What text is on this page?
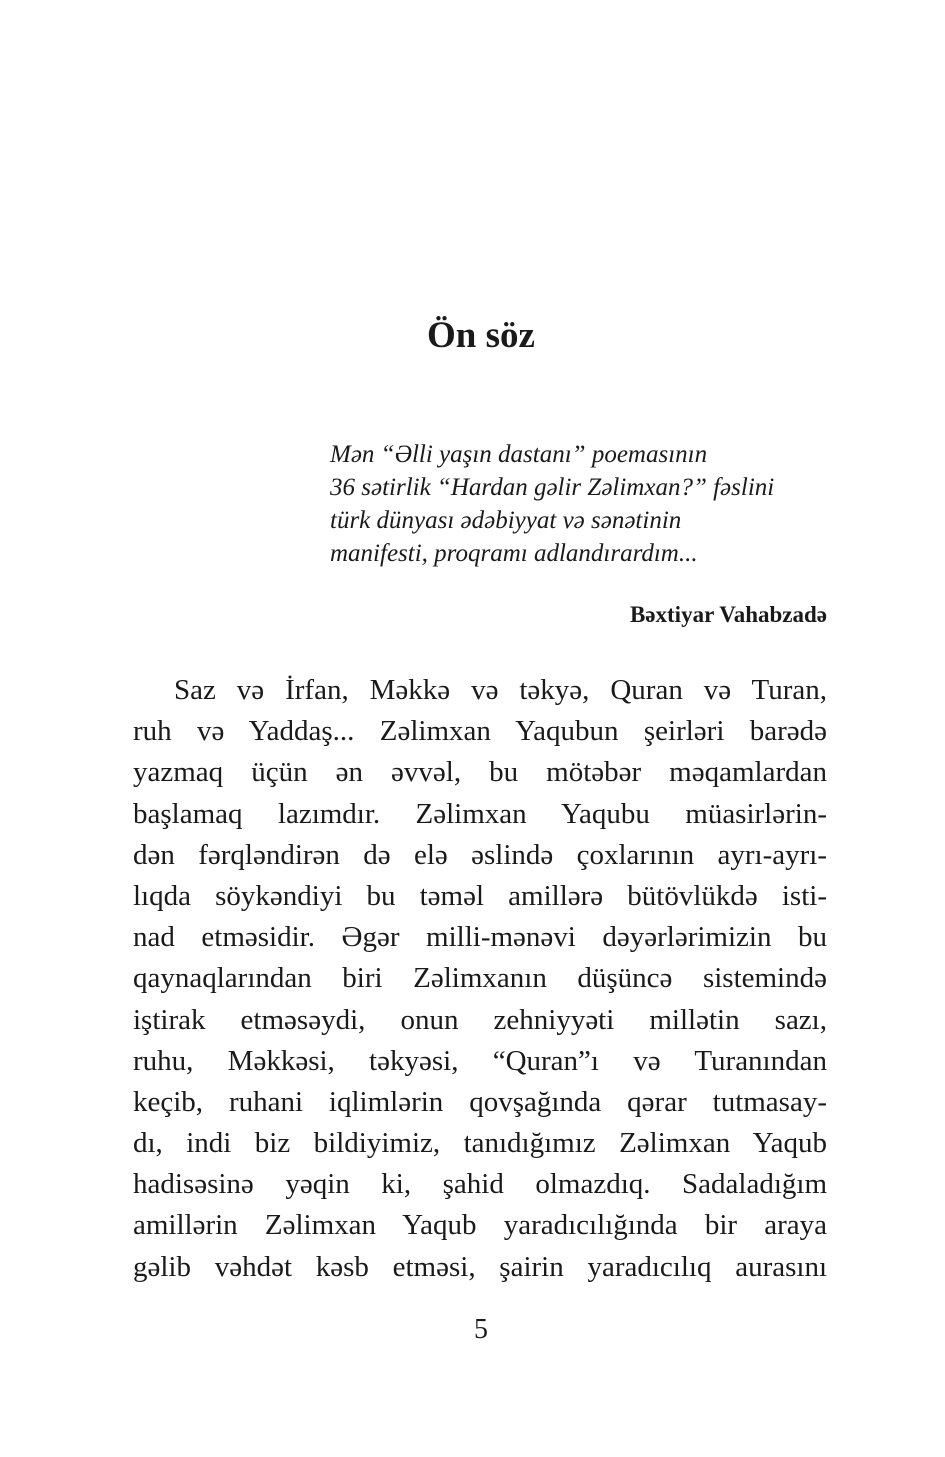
Ön söz
Mən “Əlli yaşın dastanı” poemasının
36 sətirlik “Hardan gəlir Zəlimxan?” fəslini
türk dünyası ədəbiyyat və sənətinin
manifesti, proqramı adlandırardım...
Bəxtiyar Vahabzadə
Saz və İrfan, Məkkə və təkyə, Quran və Turan,
ruh və Yaddaş... Zəlimxan Yaqubun şeirləri barədə
yazmaq üçün ən əvvəl, bu mötəbər məqamlardan
başlamaq lazımdır. Zəlimxan Yaqubu müasirlərin-
dən fərqləndirən də elə əslində çoxlarının ayrı-ayrı-
lıqda söykəndiyi bu təməl amillərə bütövlükdə isti-
nad etməsidir. Əgər milli-mənəvi dəyərlərimizin bu
qaynaqlarından biri Zəlimxanın düşüncə sistemində
iştirak etməsəydi, onun zehniyyəti millətin sazı,
ruhu, Məkkəsi, təkyəsi, “Quran”ı və Turanından
keçib, ruhani iqlimlərin qovşağında qərar tutmasay-
dı, indi biz bildiyimiz, tanıdığımız Zəlimxan Yaqub
hadisəsinə yəqin ki, şahid olmazdıq. Sadaladığım
amillərin Zəlimxan Yaqub yaradıcılığında bir araya
gəlib vəhdət kəsb etməsi, şairin yaradıcılıq aurasını
5
